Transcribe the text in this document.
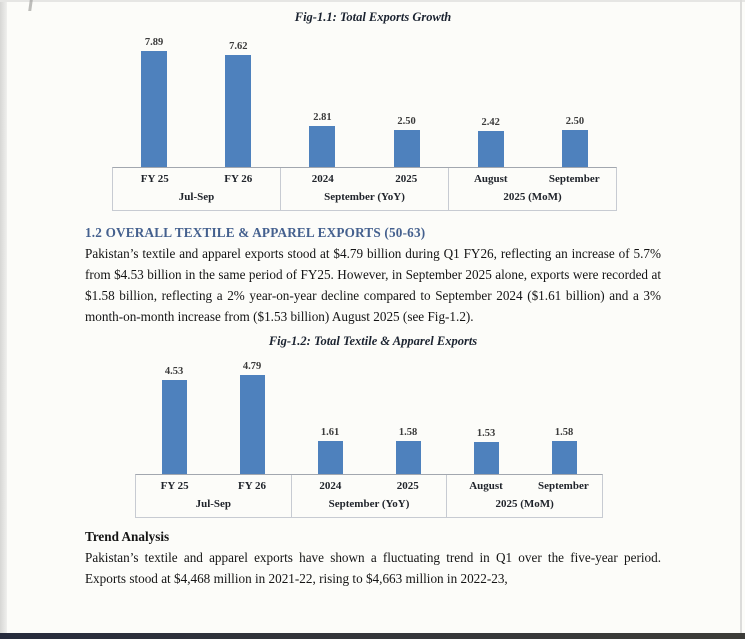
Fig-1.1: Total Exports Growth
7.89	7.62
2.81	2.50	2.42	2.50
FY 25	FY 26
Jul-Sep
2024	2025
September (YoY)
August	September
2025 (MoM)
1.2 OVERALL TEXTILE & APPAREL EXPORTS (50-63)

Pakistan’s textile and apparel exports stood at $4.79 billion during Q1 FY26, reflecting an increase of 5.7% from $4.53 billion in the same period of FY25. However, in September 2025 alone, exports were recorded at $1.58 billion, reflecting a 2% year-on-year decline compared to September 2024 ($1.61 billion) and a 3% month-on-month increase from ($1.53 billion) August 2025 (see Fig-1.2).

Fig-1.2: Total Textile & Apparel Exports
4.53	4.79
1.61	1.58	1.53	1.58
FY 25	FY 26
Jul-Sep
2024	2025
September (YoY)
August	September
2025 (MoM)
Trend Analysis

Pakistan’s textile and apparel exports have shown a fluctuating trend in Q1 over the five-year period. Exports stood at $4,468 million in 2021-22, rising to $4,663 million in 2022-23,
